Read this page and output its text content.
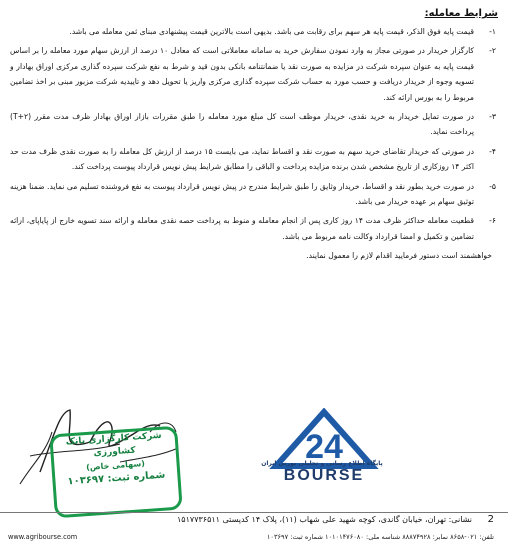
شرایط معامله:
۱-
قیمت پایه فوق الذکر، قیمت پایه هر سهم برای رقابت می باشد. بدیهی است بالاترین قیمت پیشنهادی مبنای ثمن معامله می باشد.
۲-
کارگزار خریدار در صورتی مجاز به وارد نمودن سفارش خرید به سامانه معاملاتی است که معادل ۱۰ درصد از ارزش سهام مورد معامله را بر اساس قیمت پایه به عنوان سپرده شرکت در مزایده به صورت نقد یا ضمانتنامه بانکی بدون قید و شرط به نفع شرکت سپرده گذاری مرکزی اوراق بهادار و تسویه وجوه از خریدار دریافت و حسب مورد به حساب شرکت سپرده گذاری مرکزی واریز یا تحویل دهد و تاییدیه شرکت مزبور مبنی بر اخذ تضامین مربوط را به بورس ارائه کند.
۳-
در صورت تمایل خریدار به خرید نقدی، خریدار موظف است کل مبلغ مورد معامله را طبق مقررات بازار اوراق بهادار ظرف مدت مقرر (۲+T) پرداخت نماید.
۴-
در صورتی که خریدار تقاضای خرید سهم به صورت نقد و اقساط نماید، می بایست ۱۵ درصد از ارزش کل معامله را به صورت نقدی ظرف مدت حد اکثر ۱۴ روزکاری از تاریخ مشخص شدن برنده مزایده پرداخت و الباقی را مطابق شرایط پیش نویس قرارداد پیوست پرداخت کند.
۵-
در صورت خرید بطور نقد و اقساط، خریدار وثایق را طبق شرایط مندرج در پیش نویس قرارداد پیوست به نفع فروشنده تسلیم می نماید. ضمنا هزینه توثیق سهام بر عهده خریدار می باشد.
۶-
قطعیت معامله حداکثر ظرف مدت ۱۴ روز کاری پس از انجام معامله و منوط به پرداخت حصه نقدی معامله و ارائه سند تسویه خارج از پایاپای، ارائه تضامین و تکمیل و امضا قرارداد وکالت نامه مربوط می باشد.
خواهشمند است دستور فرمایید اقدام لازم را معمول نمایند.
شرکت کارگزاری بانک کشاورزی
(سهامی خاص)
شماره ثبت: ۱۰۳۶۹۷
24
BOURSE
پایگاه اطلاع رسانی و تحلیلی بورس ایران
2
نشانی: تهران، خیابان گاندی، کوچه شهید علی شهاب (۱۱)، پلاک ۱۴ کدپستی ۱۵۱۷۷۳۶۵۱۱
تلفن: ۰۲۱-۸۶۵۸ نمابر: ۸۸۸۷۴۹۲۸ شناسه ملی: ۱۰۱۰۱۴۷۶۰۸۰ شماره ثبت: ۱۰۳۶۹۷
www.agribourse.com
